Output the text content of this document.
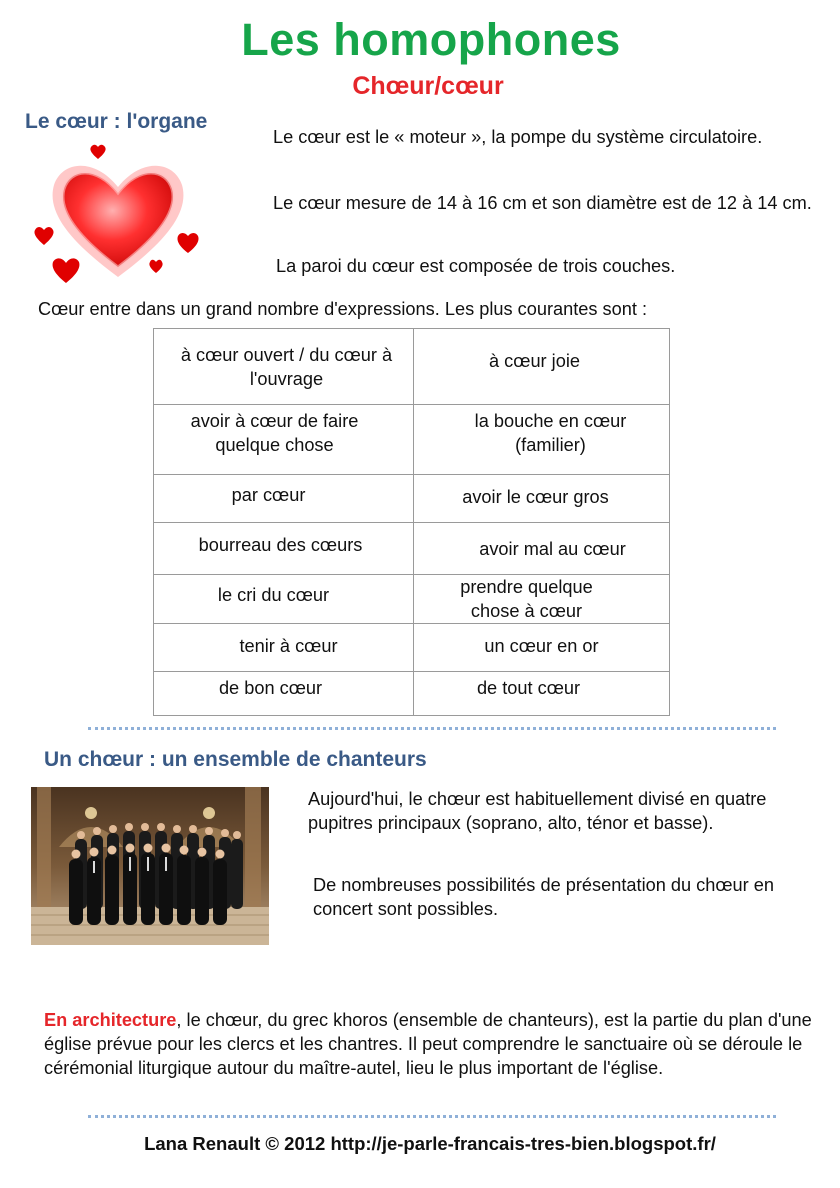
Les homophones
Chœur/cœur
Le cœur : l'organe
Le cœur est le « moteur », la pompe du système circulatoire.
Le cœur mesure de 14 à 16 cm et son diamètre est de 12 à 14 cm.
La paroi du cœur est composée de trois couches.
Cœur entre dans un grand nombre d'expressions. Les plus courantes sont :
à cœur ouvert / du cœur à l'ouvrage	à cœur joie

avoir à cœur de faire quelque chose	la bouche en cœur (familier)

par cœur	avoir le cœur gros

bourreau des cœurs	avoir mal au cœur

le cri du cœur	prendre quelque chose à cœur

tenir à cœur	un cœur en or

de bon cœur	de tout cœur
Un chœur : un ensemble de chanteurs
Aujourd'hui, le chœur est habituellement divisé en quatre pupitres principaux (soprano, alto, ténor et basse).
De nombreuses possibilités de présentation du chœur en concert sont possibles.
En architecture, le chœur, du grec khoros (ensemble de chanteurs), est la partie du plan d'une église prévue pour les clercs et les chantres. Il peut comprendre le sanctuaire où se déroule le cérémonial liturgique autour du maître-autel, lieu le plus important de l'église.
Lana Renault © 2012 http://je-parle-francais-tres-bien.blogspot.fr/
